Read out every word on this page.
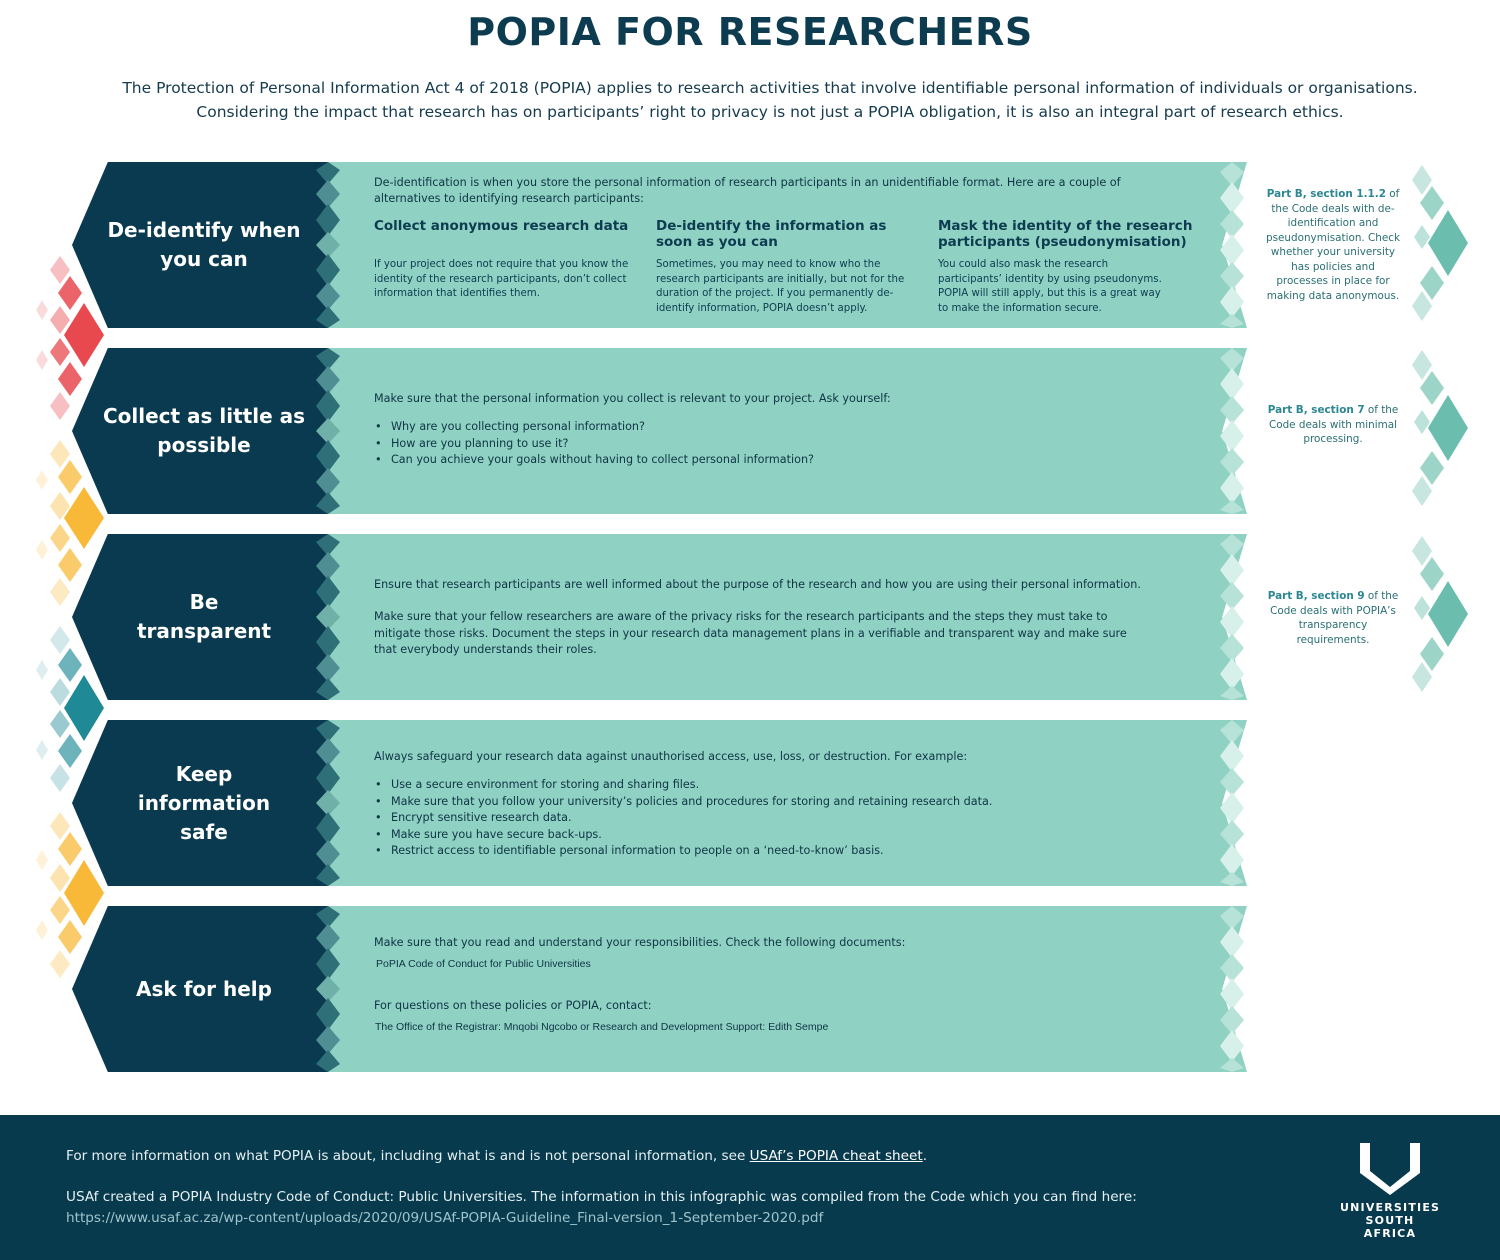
POPIA FOR RESEARCHERS
The Protection of Personal Information Act 4 of 2018 (POPIA) applies to research activities that involve identifiable personal information of individuals or organisations. Considering the impact that research has on participants’ right to privacy is not just a POPIA obligation, it is also an integral part of research ethics.
De-identify when you can
De-identification is when you store the personal information of research participants in an unidentifiable format. Here are a couple of alternatives to identifying research participants:
Collect anonymous research data

If your project does not require that you know the identity of the research participants, don’t collect information that identifies them.

De-identify the information as soon as you can

Sometimes, you may need to know who the research participants are initially, but not for the duration of the project. If you permanently de-identify information, POPIA doesn’t apply.

Mask the identity of the research participants (pseudonymisation)

You could also mask the research participants’ identity by using pseudonyms. POPIA will still apply, but this is a great way to make the information secure.

Part B, section 1.1.2 of the Code deals with de-identification and pseudonymisation. Check whether your university has policies and processes in place for making data anonymous.
Collect as little as possible
Make sure that the personal information you collect is relevant to your project. Ask yourself:
• Why are you collecting personal information?
• How are you planning to use it?
• Can you achieve your goals without having to collect personal information?
Part B, section 7 of the Code deals with minimal processing.
Be transparent
Ensure that research participants are well informed about the purpose of the research and how you are using their personal information.
Make sure that your fellow researchers are aware of the privacy risks for the research participants and the steps they must take to mitigate those risks. Document the steps in your research data management plans in a verifiable and transparent way and make sure that everybody understands their roles.
Part B, section 9 of the Code deals with POPIA’s transparency requirements.
Keep information safe
Always safeguard your research data against unauthorised access, use, loss, or destruction. For example:
• Use a secure environment for storing and sharing files.
• Make sure that you follow your university’s policies and procedures for storing and retaining research data.
• Encrypt sensitive research data.
• Make sure you have secure back-ups.
• Restrict access to identifiable personal information to people on a ‘need-to-know’ basis.
Ask for help
Make sure that you read and understand your responsibilities. Check the following documents:
PoPIA Code of Conduct for Public Universities
For questions on these policies or POPIA, contact:
The Office of the Registrar: Mnqobi Ngcobo or Research and Development Support: Edith Sempe
For more information on what POPIA is about, including what is and is not personal information, see USAf’s POPIA cheat sheet.
USAf created a POPIA Industry Code of Conduct: Public Universities. The information in this infographic was compiled from the Code which you can find here:
https://www.usaf.ac.za/wp-content/uploads/2020/09/USAf-POPIA-Guideline_Final-version_1-September-2020.pdf
UNIVERSITIES
SOUTH AFRICA
